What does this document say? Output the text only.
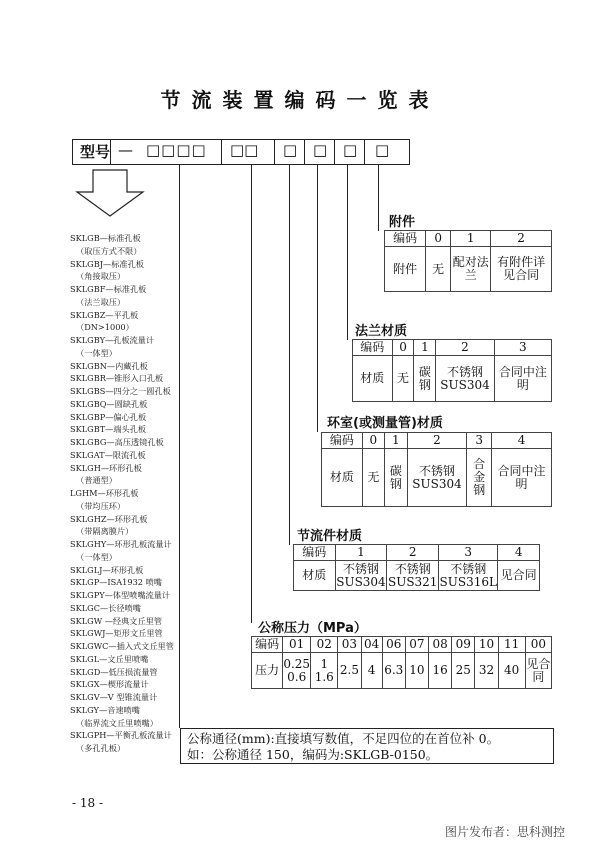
节流装置编码一览表
型号 — □□□□ □□ □ □ □ □
SKLGB—标准孔板
（取压方式不限）
SKLGBJ—标准孔板
（角接取压）
SKLGBF—标准孔板
（法兰取压）
SKLGBZ—平孔板
（DN>1000）
SKLGBY—孔板流量计
（一体型）
SKLGBN—内藏孔板
SKLGBR—锥形入口孔板
SKLGBS—四分之一圆孔板
SKLGBQ—圆缺孔板
SKLGBP—偏心孔板
SKLGBT—端头孔板
SKLGBG—高压透镜孔板
SKLGAT—限流孔板
SKLGH—环形孔板
（普通型）
LGHM—环形孔板
（带均压环）
SKLGHZ—环形孔板
（带隔离膜片）
SKLGHY—环形孔板流量计
（一体型）
SKLGLJ—环形孔板
SKLGP—ISA1932 喷嘴
SKLGPY—体型喷嘴流量计
SKLGC—长径喷嘴
SKLGW —经典文丘里管
SKLGWJ—矩形文丘里管
SKLGWC—插入式文丘里管
SKLGL—文丘里喷嘴
SKLGD—低压损流量管
SKLGX—楔形流量计
SKLGV—V 型锥流量计
SKLGY—音速喷嘴
（临界流文丘里喷嘴）
SKLGPH—平衡孔板流量计
（多孔孔板）
附件
编码	0	1	2
附件	无	配对法兰	有附件详见合同
法兰材质
编码	0	1	2	3
材质	无	碳钢	不锈钢SUS304	合同中注明
环室(或测量管)材质
编码	0	1	2	3	4
材质	无	碳钢	不锈钢SUS304	合金钢	合同中注明
节流件材质
编码	1	2	3	4
材质	不锈钢SUS304	不锈钢SUS321	不锈钢SUS316L	见合同
公称压力（MPa）
编码	01	02	03	04	06	07	08	09	10	11	00
压力	0.25 0.6	1 1.6	2.5	4	6.3	10	16	25	32	40	见合同
公称通径(mm):直接填写数值，不足四位的在首位补 0。
如：公称通径 150，编码为:SKLGB-0150。
- 18 -
图片发布者：思科测控
